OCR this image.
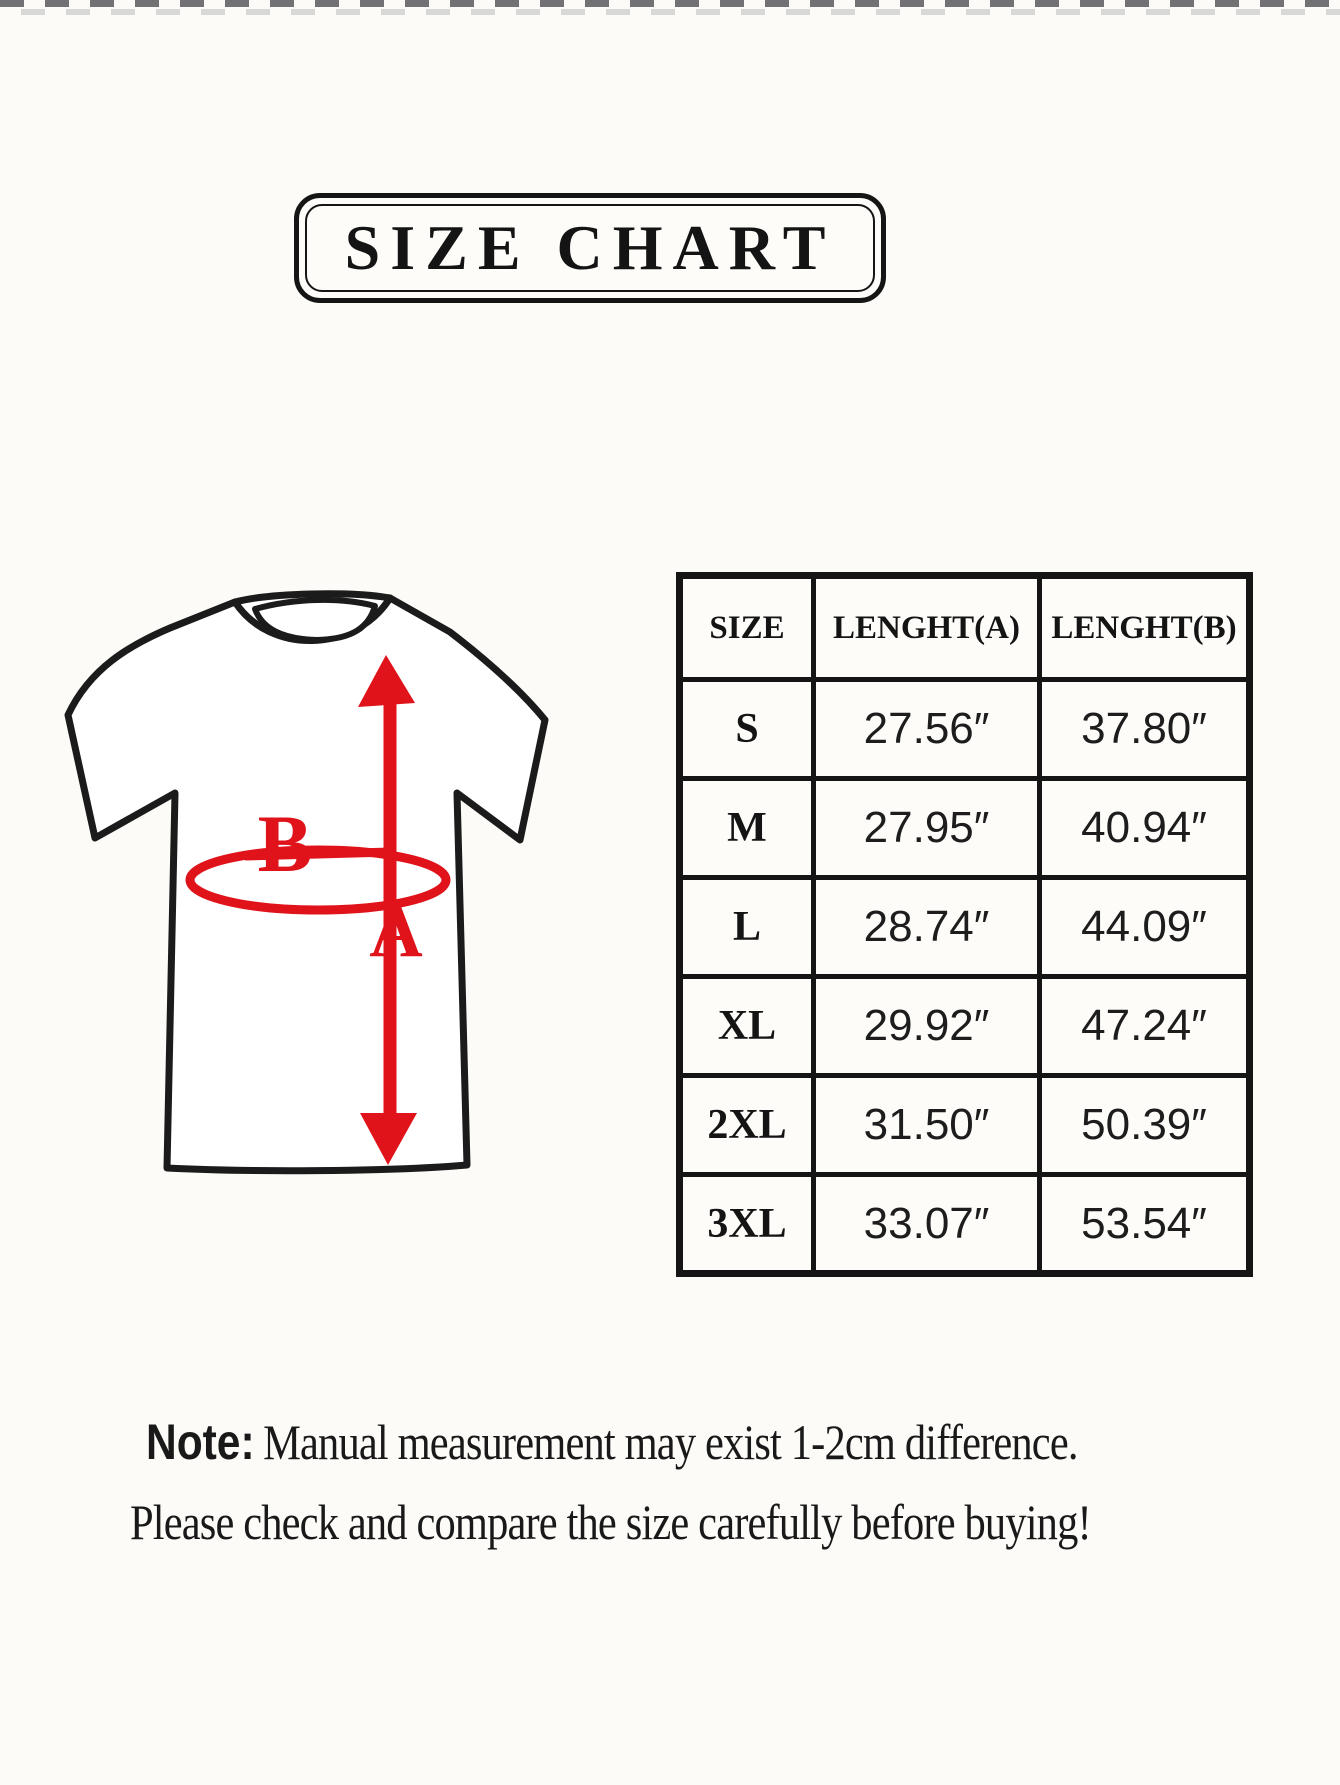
SIZE CHART
B
A
SIZE	LENGHT(A)	LENGHT(B)
S	27.56″	37.80″
M	27.95″	40.94″
L	28.74″	44.09″
XL	29.92″	47.24″
2XL	31.50″	50.39″
3XL	33.07″	53.54″
Note: Manual measurement may exist 1-2cm difference.
Please check and compare the size carefully before buying!
